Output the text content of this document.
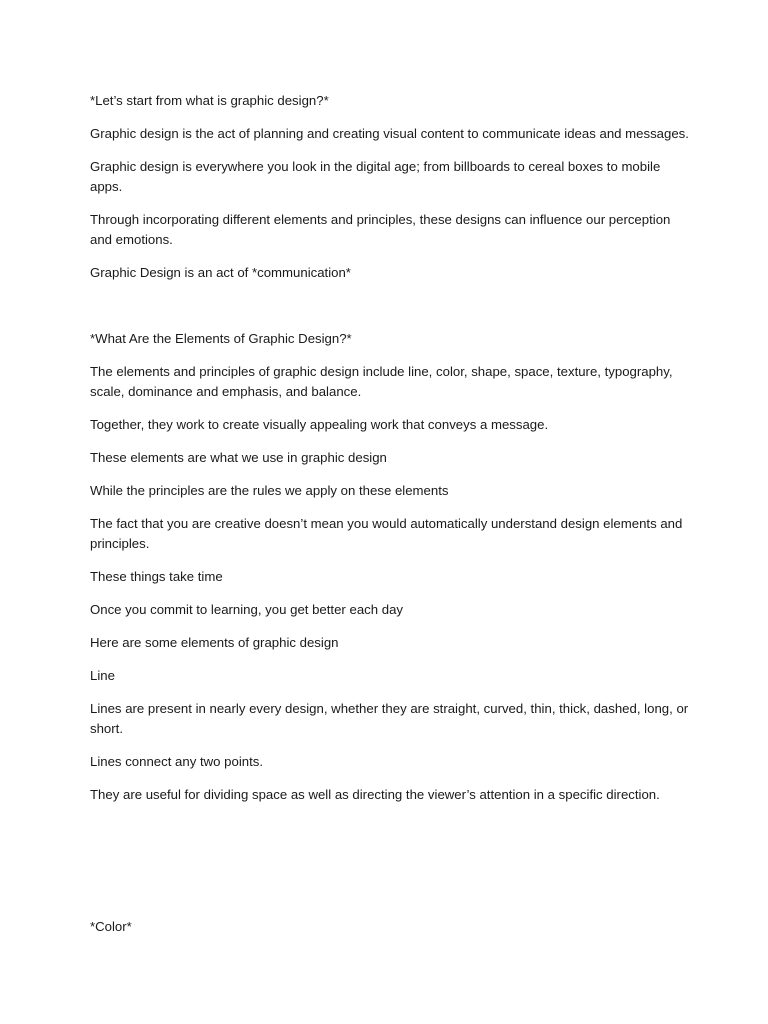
*Let’s start from what is graphic design?*

Graphic design is the act of planning and creating visual content to communicate ideas and messages.

Graphic design is everywhere you look in the digital age; from billboards to cereal boxes to mobile apps.

Through incorporating different elements and principles, these designs can influence our perception and emotions.

Graphic Design is an act of *communication*

*What Are the Elements of Graphic Design?*

The elements and principles of graphic design include line, color, shape, space, texture, typography, scale, dominance and emphasis, and balance.

Together, they work to create visually appealing work that conveys a message.

These elements are what we use in graphic design

While the principles are the rules we apply on these elements

The fact that you are creative doesn’t mean you would automatically understand design elements and principles.

These things take time

Once you commit to learning, you get better each day

Here are some elements of graphic design

Line

Lines are present in nearly every design, whether they are straight, curved, thin, thick, dashed, long, or short.

Lines connect any two points.

They are useful for dividing space as well as directing the viewer’s attention in a specific direction.

*Color*
